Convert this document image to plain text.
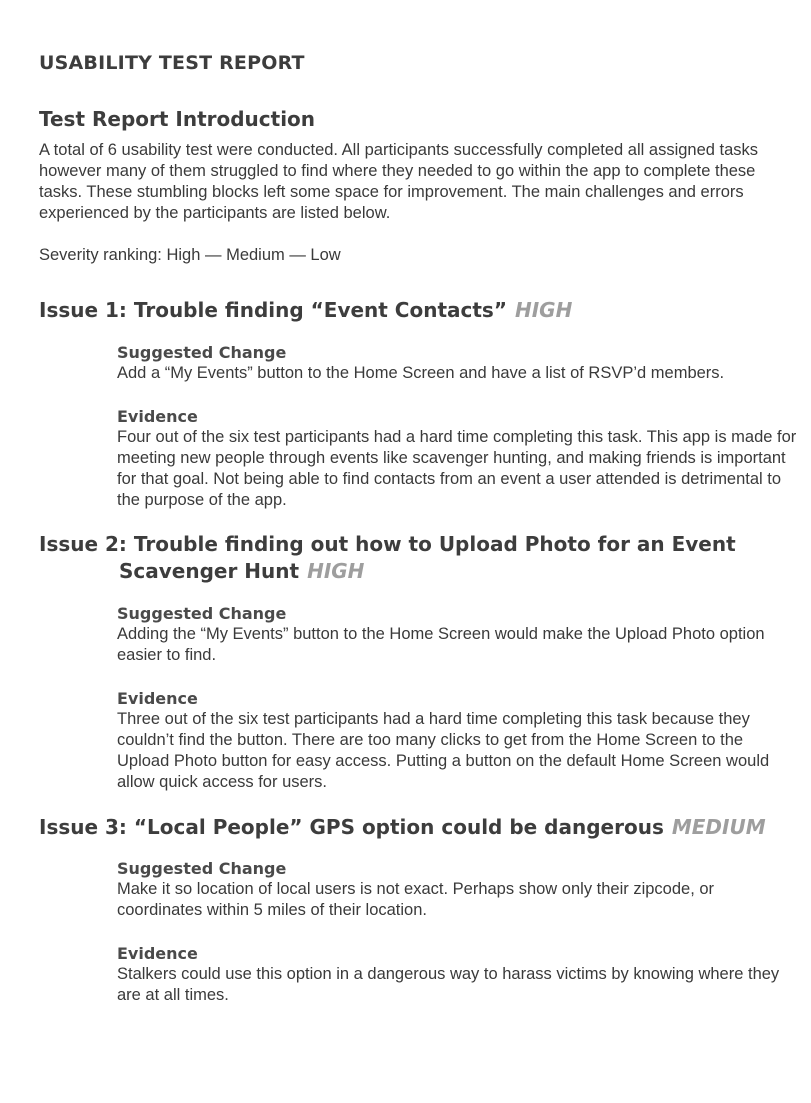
USABILITY TEST REPORT
Test Report Introduction

A total of 6 usability test were conducted. All participants successfully completed all assigned tasks however many of them struggled to find where they needed to go within the app to complete these tasks. These stumbling blocks left some space for improvement. The main challenges and errors experienced by the participants are listed below.

Severity ranking: High — Medium — Low

Issue 1: Trouble finding “Event Contacts” HIGH
Suggested Change
Add a “My Events” button to the Home Screen and have a list of RSVP’d members.
Evidence
Four out of the six test participants had a hard time completing this task. This app is made for meeting new people through events like scavenger hunting, and making friends is important for that goal. Not being able to find contacts from an event a user attended is detrimental to the purpose of the app.
Issue 2: Trouble finding out how to Upload Photo for an Event
Scavenger Hunt HIGH
Suggested Change
Adding the “My Events” button to the Home Screen would make the Upload Photo option easier to find.
Evidence
Three out of the six test participants had a hard time completing this task because they couldn’t find the button. There are too many clicks to get from the Home Screen to the Upload Photo button for easy access. Putting a button on the default Home Screen would allow quick access for users.
Issue 3: “Local People” GPS option could be dangerous MEDIUM
Suggested Change
Make it so location of local users is not exact. Perhaps show only their zipcode, or coordinates within 5 miles of their location.
Evidence
Stalkers could use this option in a dangerous way to harass victims by knowing where they are at all times.
